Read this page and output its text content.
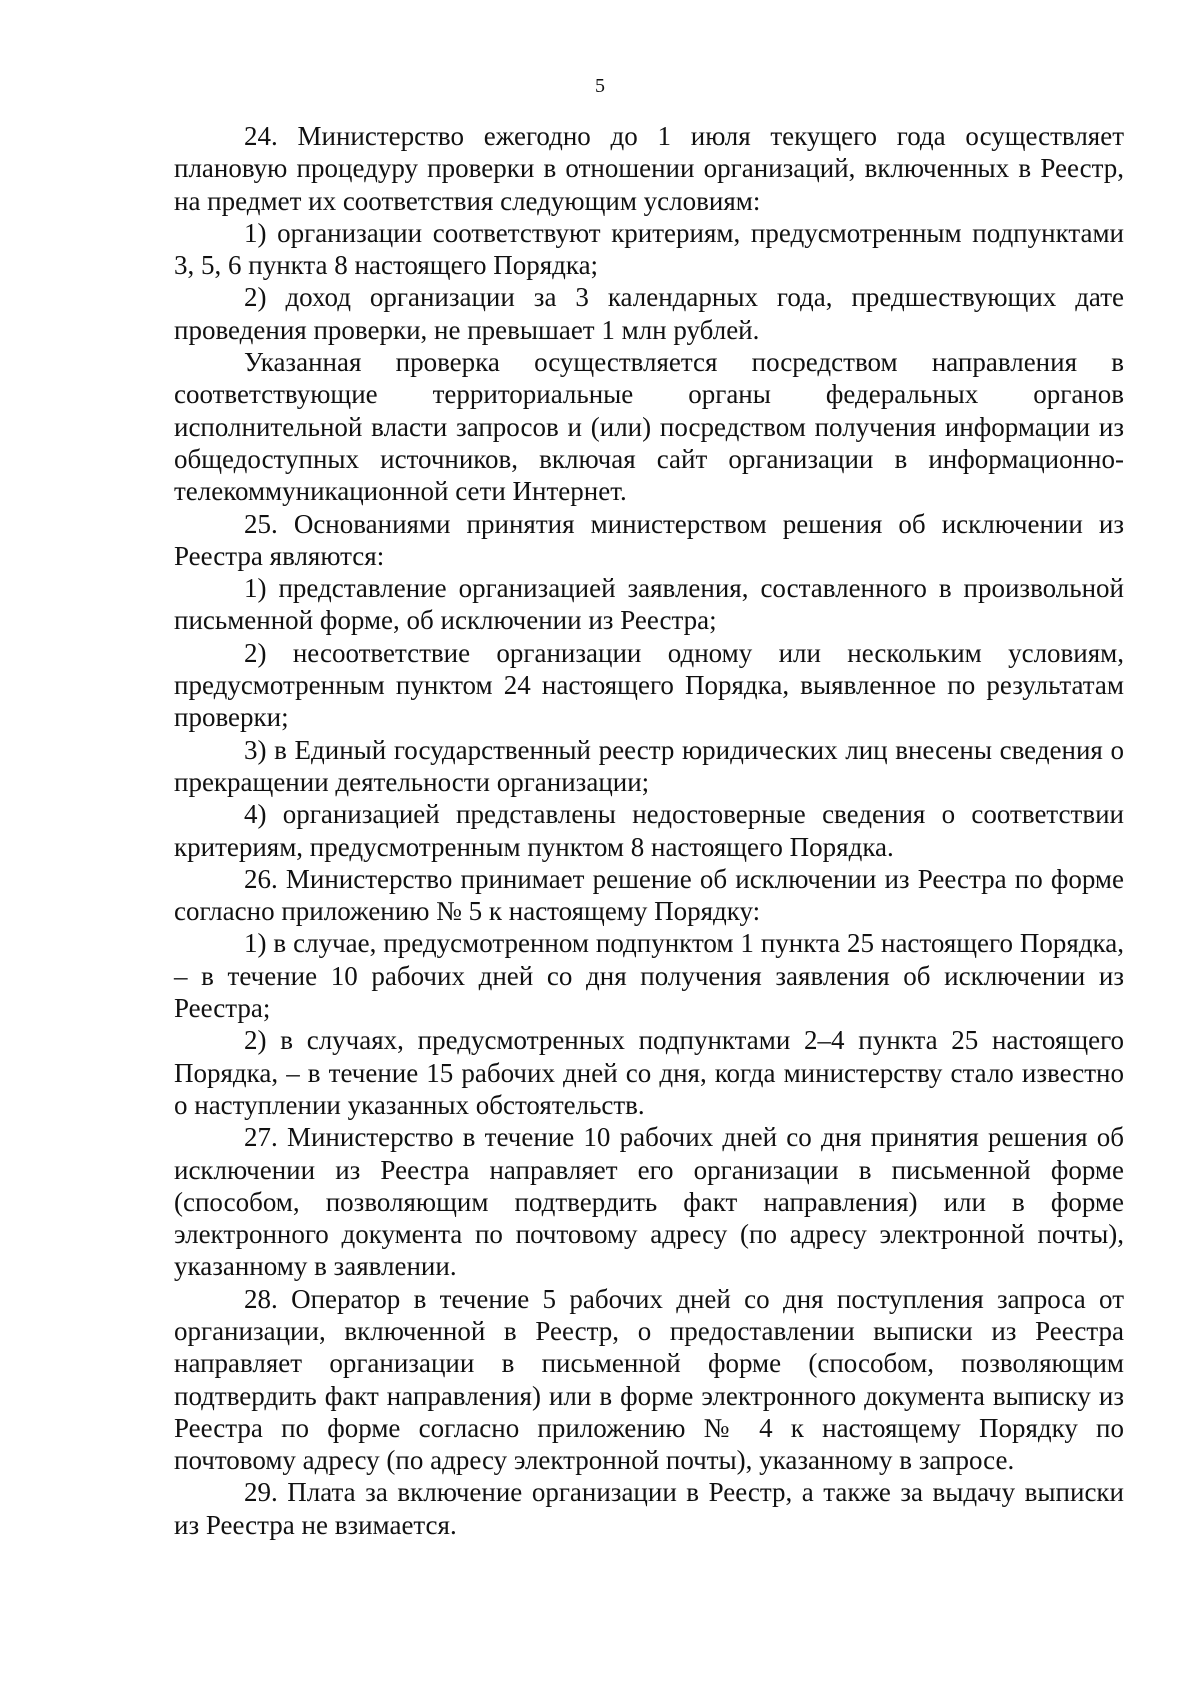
5

24. Министерство ежегодно до 1 июля текущего года осуществляет плановую процедуру проверки в отношении организаций, включенных в Реестр, на предмет их соответствия следующим условиям:

1) организации соответствуют критериям, предусмотренным подпунктами 3, 5, 6 пункта 8 настоящего Порядка;

2) доход организации за 3 календарных года, предшествующих дате проведения проверки, не превышает 1 млн рублей.

Указанная проверка осуществляется посредством направления в соответствующие территориальные органы федеральных органов исполнительной власти запросов и (или) посредством получения информации из общедоступных источников, включая сайт организации в информационно-телекоммуникационной сети Интернет.

25. Основаниями принятия министерством решения об исключении из Реестра являются:

1) представление организацией заявления, составленного в произвольной письменной форме, об исключении из Реестра;

2) несоответствие организации одному или нескольким условиям, предусмотренным пунктом 24 настоящего Порядка, выявленное по результатам проверки;

3) в Единый государственный реестр юридических лиц внесены сведения о прекращении деятельности организации;

4) организацией представлены недостоверные сведения о соответствии критериям, предусмотренным пунктом 8 настоящего Порядка.

26. Министерство принимает решение об исключении из Реестра по форме согласно приложению № 5 к настоящему Порядку:

1) в случае, предусмотренном подпунктом 1 пункта 25 настоящего Порядка, – в течение 10 рабочих дней со дня получения заявления об исключении из Реестра;

2) в случаях, предусмотренных подпунктами 2–4 пункта 25 настоящего Порядка, – в течение 15 рабочих дней со дня, когда министерству стало известно о наступлении указанных обстоятельств.

27. Министерство в течение 10 рабочих дней со дня принятия решения об исключении из Реестра направляет его организации в письменной форме (способом, позволяющим подтвердить факт направления) или в форме электронного документа по почтовому адресу (по адресу электронной почты), указанному в заявлении.

28. Оператор в течение 5 рабочих дней со дня поступления запроса от организации, включенной в Реестр, о предоставлении выписки из Реестра направляет организации в письменной форме (способом, позволяющим подтвердить факт направления) или в форме электронного документа выписку из Реестра по форме согласно приложению № 4 к настоящему Порядку по почтовому адресу (по адресу электронной почты), указанному в запросе.

29. Плата за включение организации в Реестр, а также за выдачу выписки из Реестра не взимается.
